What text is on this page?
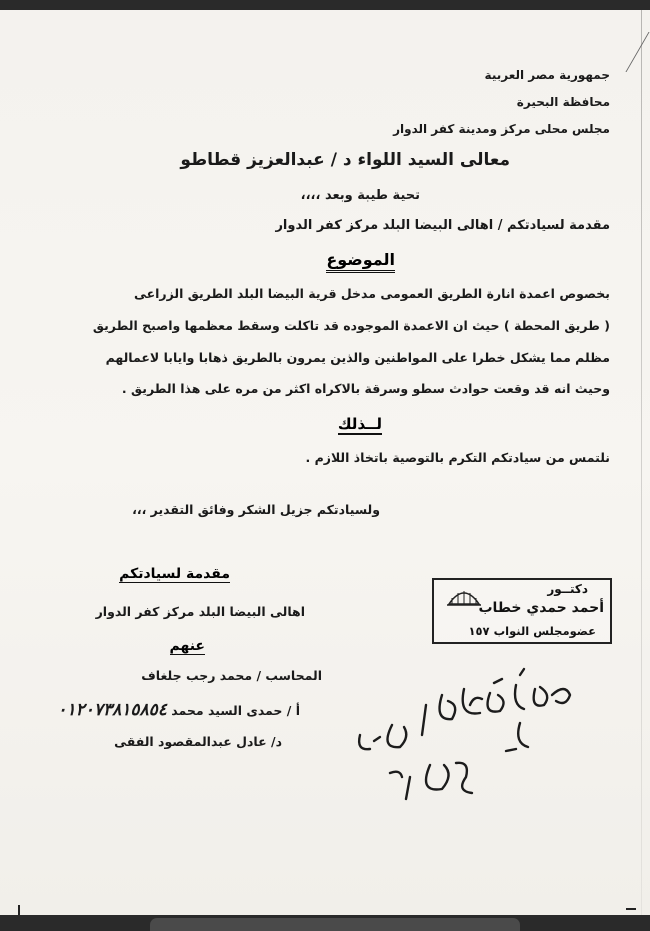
جمهورية مصر العربية
محافظة البحيرة
مجلس محلى مركز ومدينة كفر الدوار
معالى السيد اللواء د / عبدالعزيز قطاطو
تحية طيبة وبعد ،،،،
مقدمة لسيادتكم / اهالى البيضا البلد مركز كفر الدوار
الموضوع
بخصوص اعمدة انارة الطريق العمومى مدخل قرية البيضا البلد الطريق الزراعى
( طريق المحطة ) حيث ان الاعمدة الموجوده قد تاكلت وسقط معظمها واصبح الطريق
مظلم مما يشكل خطرا على المواطنين والذين يمرون بالطريق ذهابا وايابا لاعمالهم
وحيث انه قد وقعت حوادث سطو وسرقة بالاكراه اكثر من مره على هذا الطريق .
لــذلك
نلتمس من سيادتكم التكرم بالتوصية باتخاذ اللازم .
ولسيادتكم جزيل الشكر وفائق التقدير ،،،
مقدمة لسيادتكم
اهالى البيضا البلد مركز كفر الدوار
عنهم
المحاسب / محمد رجب جلغاف
أ / حمدى السيد محمد ٠١٢٠٧٣٨١٥٨٥٤
د/ عادل عبدالمقصود الفقى
دكتــور
أحمد حمدي خطاب
عضومجلس النواب ١٥٧
